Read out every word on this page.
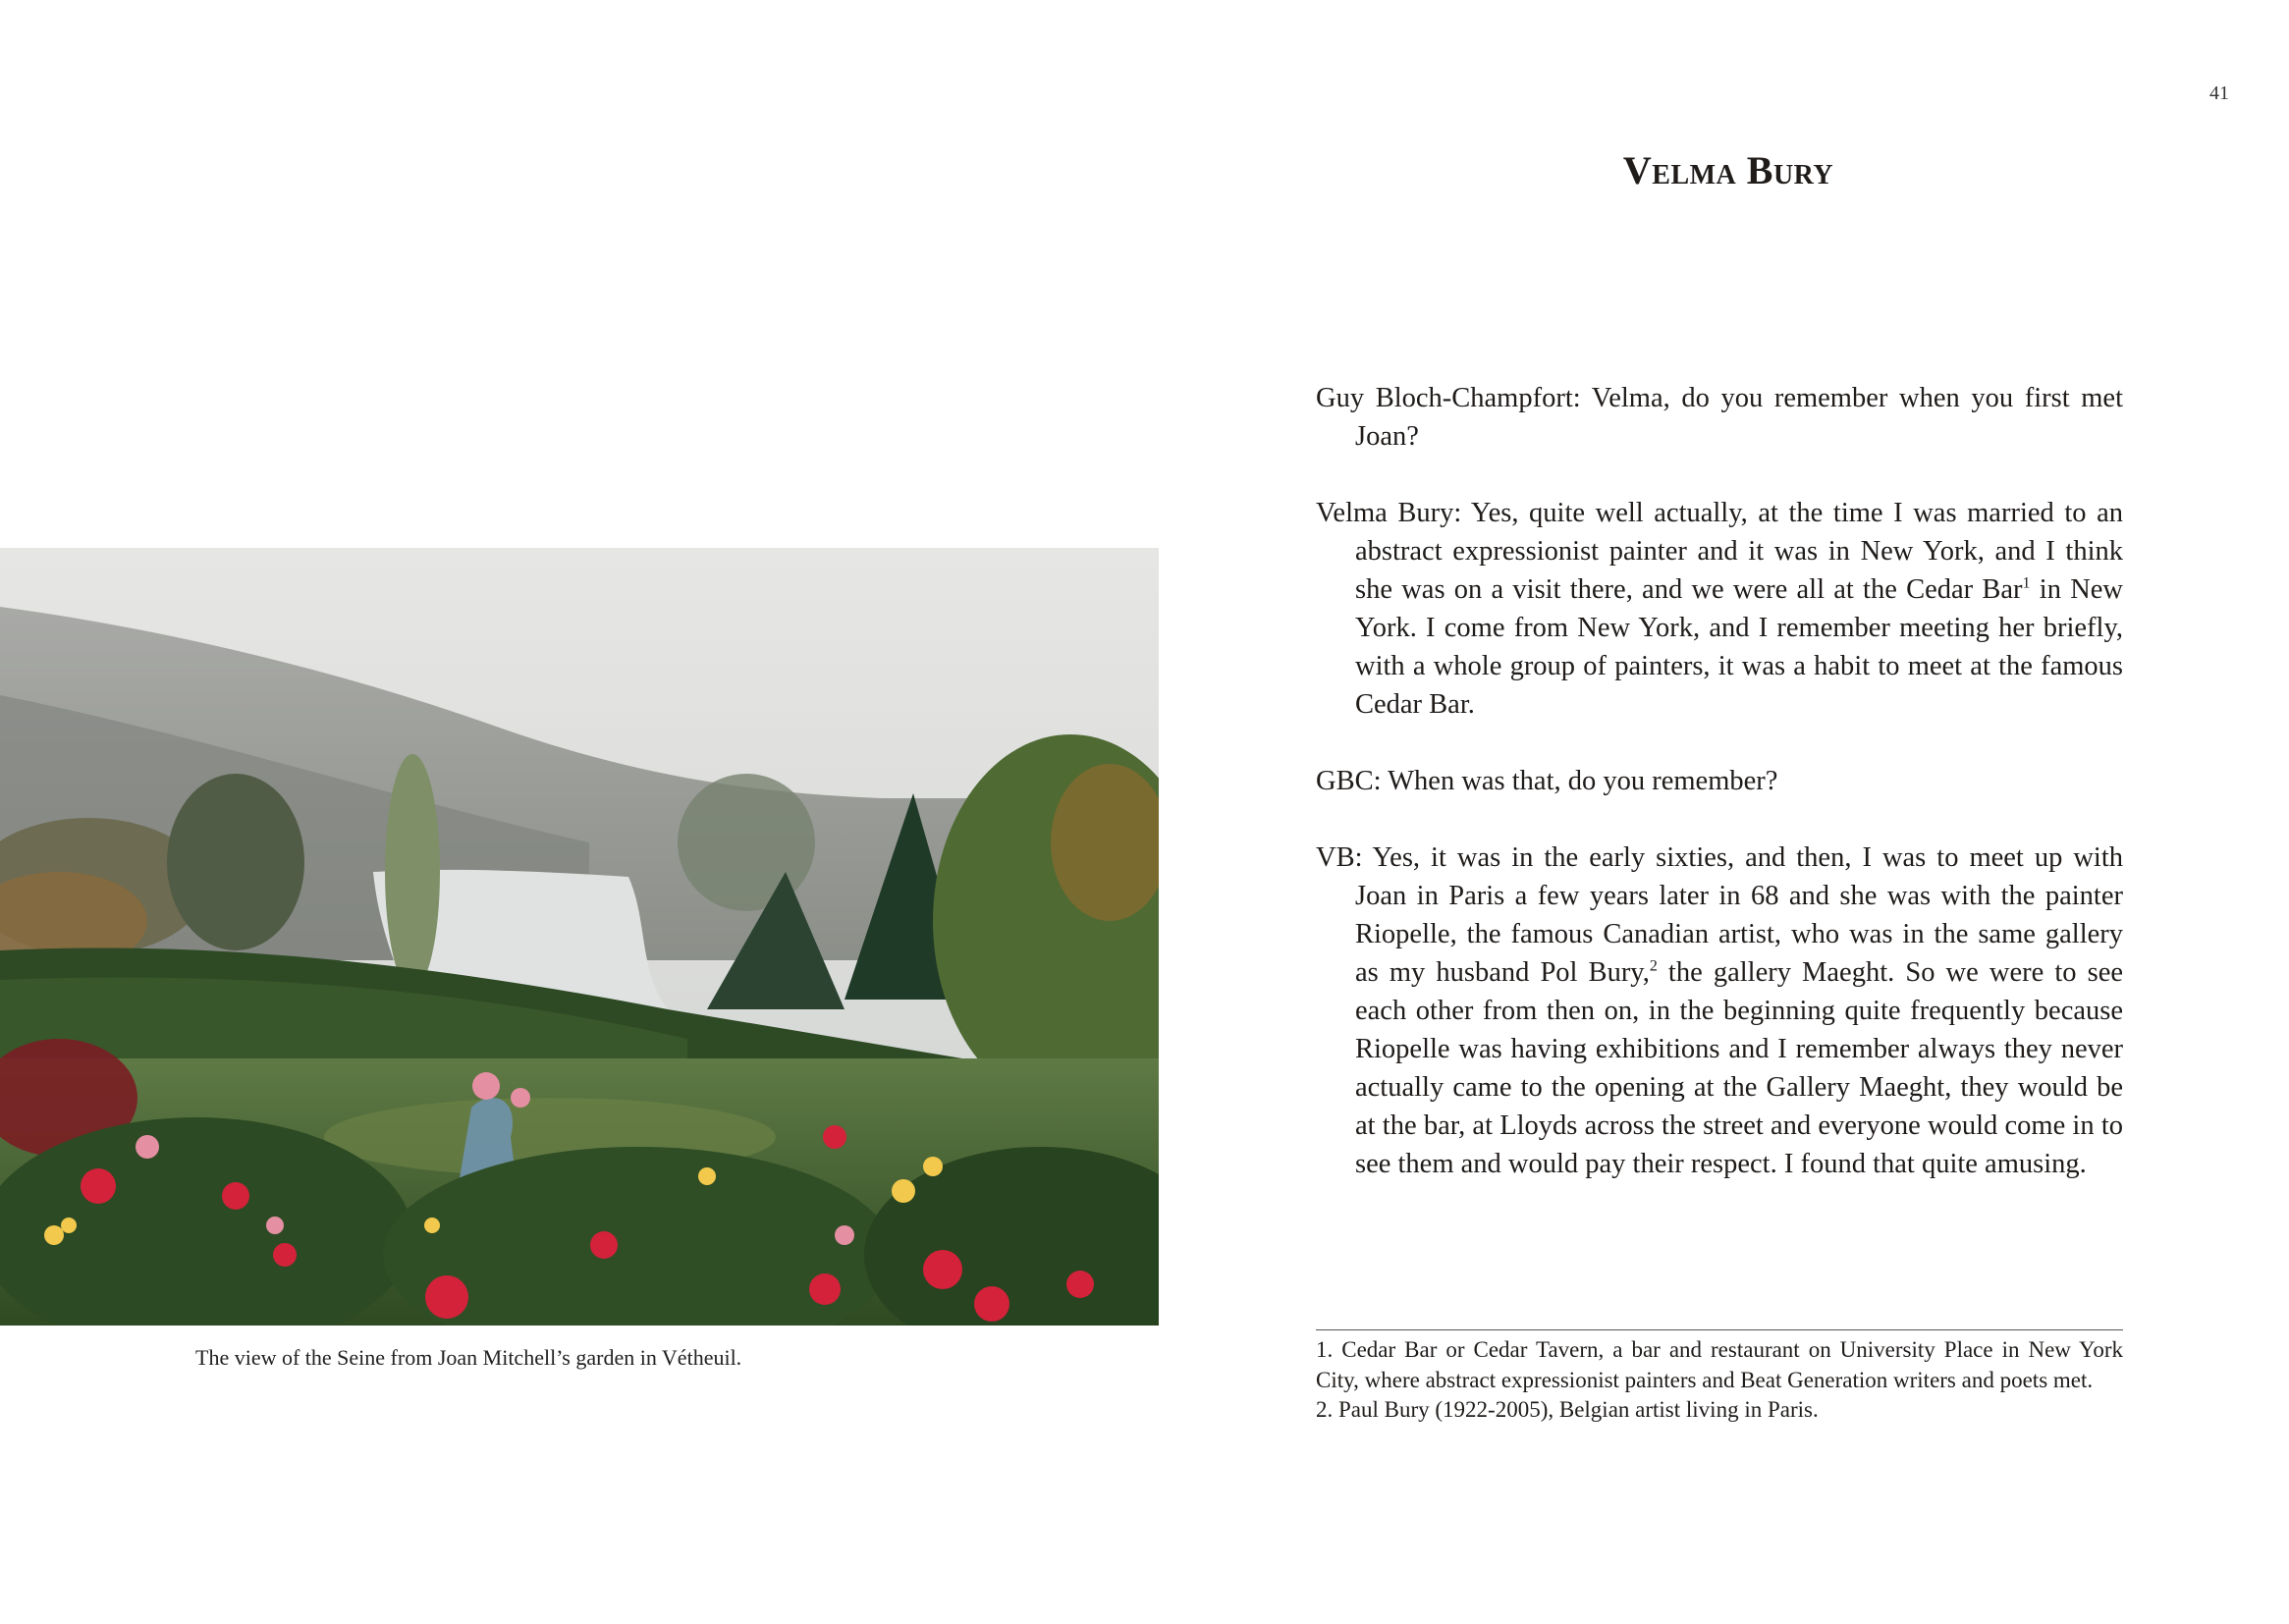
41
Velma Bury
The view of the Seine from Joan Mitchell’s garden in Vétheuil.

Guy Bloch-Champfort: Velma, do you remember when you first met Joan?

Velma Bury: Yes, quite well actually, at the time I was married to an abstract expressionist painter and it was in New York, and I think she was on a visit there, and we were all at the Cedar Bar$^1$ in New York. I come from New York, and I remember meeting her briefly, with a whole group of painters, it was a habit to meet at the famous Cedar Bar.

GBC: When was that, do you remember?

VB: Yes, it was in the early sixties, and then, I was to meet up with Joan in Paris a few years later in 68 and she was with the painter Riopelle, the famous Canadian artist, who was in the same gallery as my husband Pol Bury,$^2$ the gallery Maeght. So we were to see each other from then on, in the beginning quite frequently because Riopelle was having exhibitions and I remember always they never actually came to the opening at the Gallery Maeght, they would be at the bar, at Lloyds across the street and everyone would come in to see them and would pay their respect. I found that quite amusing.

1. Cedar Bar or Cedar Tavern, a bar and restaurant on University Place in New York City, where abstract expressionist painters and Beat Generation writers and poets met.

2. Paul Bury (1922-2005), Belgian artist living in Paris.
